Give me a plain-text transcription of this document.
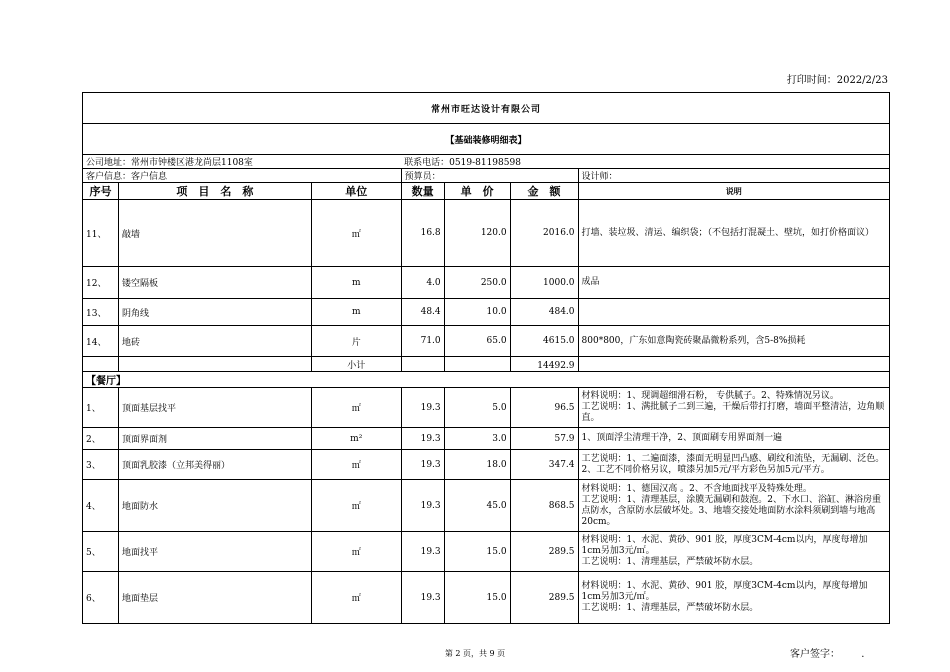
打印时间：2022/2/23
常州市旺达设计有限公司						
【基础装修明细表】						
公司地址：常州市钟楼区港龙尚层1108室			联系电话：0519-81198598			
客户信息：客户信息			预算员：			设计师：
序号	项　目　名　称	单位	数量	单　价	金　额	说明
11、	敲墙	㎡	16.8	120.0	2016.0	打墙、装垃圾、清运、编织袋；（不包括打混凝土、壁坑，如打价格面议）
12、	镂空隔板	m	4.0	250.0	1000.0	成品
13、	阴角线	m	48.4	10.0	484.0	
14、	地砖	片	71.0	65.0	4615.0	800*800，广东如意陶瓷砖聚晶微粉系列，含5-8%损耗
		小计			14492.9	
【餐厅】						
1、	顶面基层找平	㎡	19.3	5.0	96.5	材料说明：1、现调超细滑石粉， 专供腻子。2、特殊情况另议。
工艺说明：1、满批腻子二到三遍，干燥后带打打磨，墙面平整清洁，边角顺直。
2、	顶面界面剂	m²	19.3	3.0	57.9	1、顶面浮尘清理干净，2、顶面刷专用界面剂一遍
3、	顶面乳胶漆（立邦美得丽）	㎡	19.3	18.0	347.4	工艺说明：1、二遍面漆，漆面无明显凹凸感、刷纹和流坠，无漏刷、泛色。2、工艺不同价格另议，喷漆另加5元/平方彩色另加5元/平方。
4、	地面防水	㎡	19.3	45.0	868.5	材料说明：1、德国汉高 。2、不含地面找平及特殊处理。
工艺说明：1、清理基层，涂膜无漏刷和鼓泡。2、下水口、浴缸、淋浴房重点防水，含原防水层破坏处。3、地墙交接处地面防水涂料须刷到墙与地高20cm。
5、	地面找平	㎡	19.3	15.0	289.5	材料说明：1、水泥、黄砂、901 胶，厚度3CM-4cm以内，厚度每增加1cm另加3元/㎡。
工艺说明：1、清理基层，严禁破坏防水层。
6、	地面垫层	㎡	19.3	15.0	289.5	材料说明：1、水泥、黄砂、901 胶，厚度3CM-4cm以内，厚度每增加1cm另加3元/㎡。
工艺说明：1、清理基层，严禁破坏防水层。
第 2 页，共 9 页	客户签字： .
